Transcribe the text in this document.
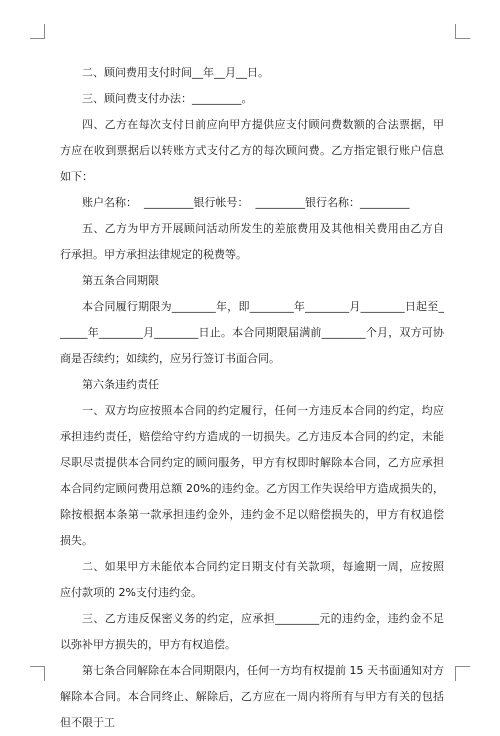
二、顾问费用支付时间__年__月__日。

三、顾问费支付办法：_________。

四、乙方在每次支付日前应向甲方提供应支付顾问费数额的合法票据，甲方应在收到票据后以转账方式支付乙方的每次顾问费。乙方指定银行账户信息如下：

账户名称：  _________银行帐号：  _________银行名称：_________

五、乙方为甲方开展顾问活动所发生的差旅费用及其他相关费用由乙方自行承担。甲方承担法律规定的税费等。

第五条合同期限

本合同履行期限为________年，即________年________月________日起至______年________月________日止。本合同期限届满前________个月，双方可协商是否续约；如续约，应另行签订书面合同。

第六条违约责任

一、双方均应按照本合同的约定履行，任何一方违反本合同的约定，均应承担违约责任，赔偿给守约方造成的一切损失。乙方违反本合同的约定，未能尽职尽责提供本合同约定的顾问服务，甲方有权即时解除本合同，乙方应承担本合同约定顾问费用总额 20%的违约金。乙方因工作失误给甲方造成损失的，除按根据本条第一款承担违约金外，违约金不足以赔偿损失的，甲方有权追偿损失。

二、如果甲方未能依本合同约定日期支付有关款项，每逾期一周，应按照应付款项的 2%支付违约金。

三、乙方违反保密义务的约定，应承担________元的违约金，违约金不足以弥补甲方损失的，甲方有权追偿。

第七条合同解除在本合同期限内，任何一方均有权提前 15 天书面通知对方解除本合同。本合同终止、解除后，乙方应在一周内将所有与甲方有关的包括但不限于工
